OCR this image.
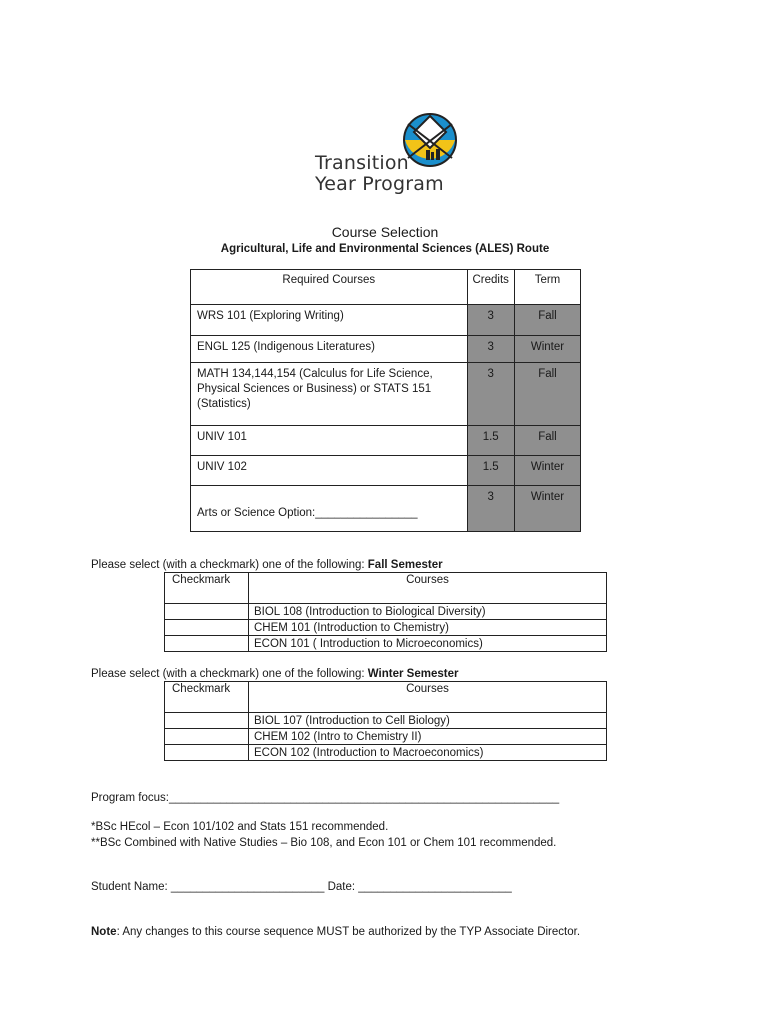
Transition
Year Program
Course Selection
Agricultural, Life and Environmental Sciences (ALES) Route
Required Courses	Credits	Term

WRS 101 (Exploring Writing)	3	Fall

ENGL 125 (Indigenous Literatures)	3	Winter

MATH 134,144,154 (Calculus for Life Science, Physical Sciences or Business) or STATS 151 (Statistics)	3	Fall

UNIV 101	1.5	Fall

UNIV 102	1.5	Winter

Arts or Science Option:________________	3	Winter
Please select (with a checkmark) one of the following: Fall Semester
Checkmark	Courses
	BIOL 108 (Introduction to Biological Diversity)
	CHEM 101 (Introduction to Chemistry)
	ECON 101 ( Introduction to Microeconomics)
Please select (with a checkmark) one of the following: Winter Semester
Checkmark	Courses
	BIOL 107 (Introduction to Cell Biology)
	CHEM 102 (Intro to Chemistry II)
	ECON 102 (Introduction to Macroeconomics)
Program focus:_____________________________________________________________
*BSc HEcol – Econ 101/102 and Stats 151 recommended.
**BSc Combined with Native Studies – Bio 108, and Econ 101 or Chem 101 recommended.
Student Name: ________________________ Date: ________________________
Note: Any changes to this course sequence MUST be authorized by the TYP Associate Director.
